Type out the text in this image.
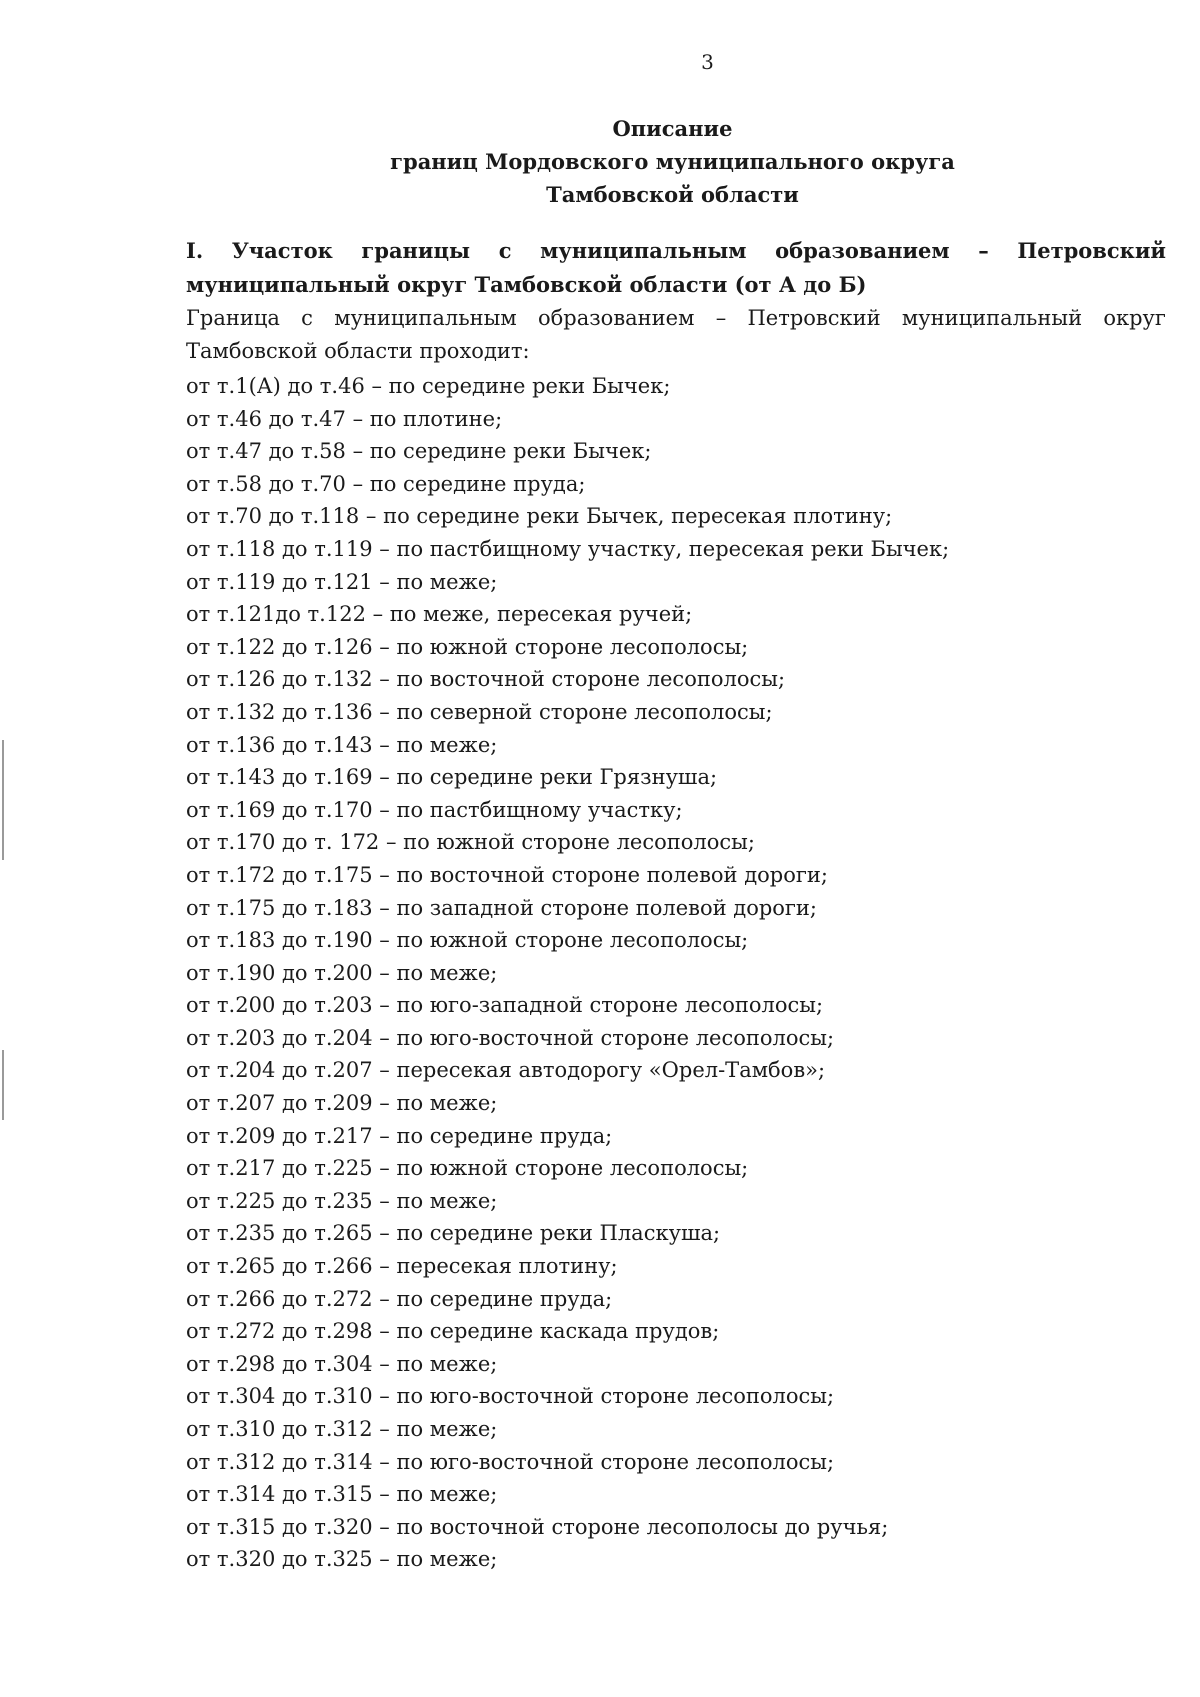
3
Описание
границ Мордовского муниципального округа
Тамбовской области
I. Участок границы с муниципальным образованием – Петровский
муниципальный округ Тамбовской области (от А до Б)
Граница с муниципальным образованием – Петровский муниципальный округ
Тамбовской области проходит:
от т.1(А) до т.46 – по середине реки Бычек;
от т.46 до т.47 – по плотине;
от т.47 до т.58 – по середине реки Бычек;
от т.58 до т.70 – по середине пруда;
от т.70 до т.118 – по середине реки Бычек, пересекая плотину;
от т.118 до т.119 – по пастбищному участку, пересекая реки Бычек;
от т.119 до т.121 – по меже;
от т.121до т.122 – по меже, пересекая ручей;
от т.122 до т.126 – по южной стороне лесополосы;
от т.126 до т.132 – по восточной стороне лесополосы;
от т.132 до т.136 – по северной стороне лесополосы;
от т.136 до т.143 – по меже;
от т.143 до т.169 – по середине реки Грязнуша;
от т.169 до т.170 – по пастбищному участку;
от т.170 до т. 172 – по южной стороне лесополосы;
от т.172 до т.175 – по восточной стороне полевой дороги;
от т.175 до т.183 – по западной стороне полевой дороги;
от т.183 до т.190 – по южной стороне лесополосы;
от т.190 до т.200 – по меже;
от т.200 до т.203 – по юго-западной стороне лесополосы;
от т.203 до т.204 – по юго-восточной стороне лесополосы;
от т.204 до т.207 – пересекая автодорогу «Орел-Тамбов»;
от т.207 до т.209 – по меже;
от т.209 до т.217 – по середине пруда;
от т.217 до т.225 – по южной стороне лесополосы;
от т.225 до т.235 – по меже;
от т.235 до т.265 – по середине реки Пласкуша;
от т.265 до т.266 – пересекая плотину;
от т.266 до т.272 – по середине пруда;
от т.272 до т.298 – по середине каскада прудов;
от т.298 до т.304 – по меже;
от т.304 до т.310 – по юго-восточной стороне лесополосы;
от т.310 до т.312 – по меже;
от т.312 до т.314 – по юго-восточной стороне лесополосы;
от т.314 до т.315 – по меже;
от т.315 до т.320 – по восточной стороне лесополосы до ручья;
от т.320 до т.325 – по меже;
